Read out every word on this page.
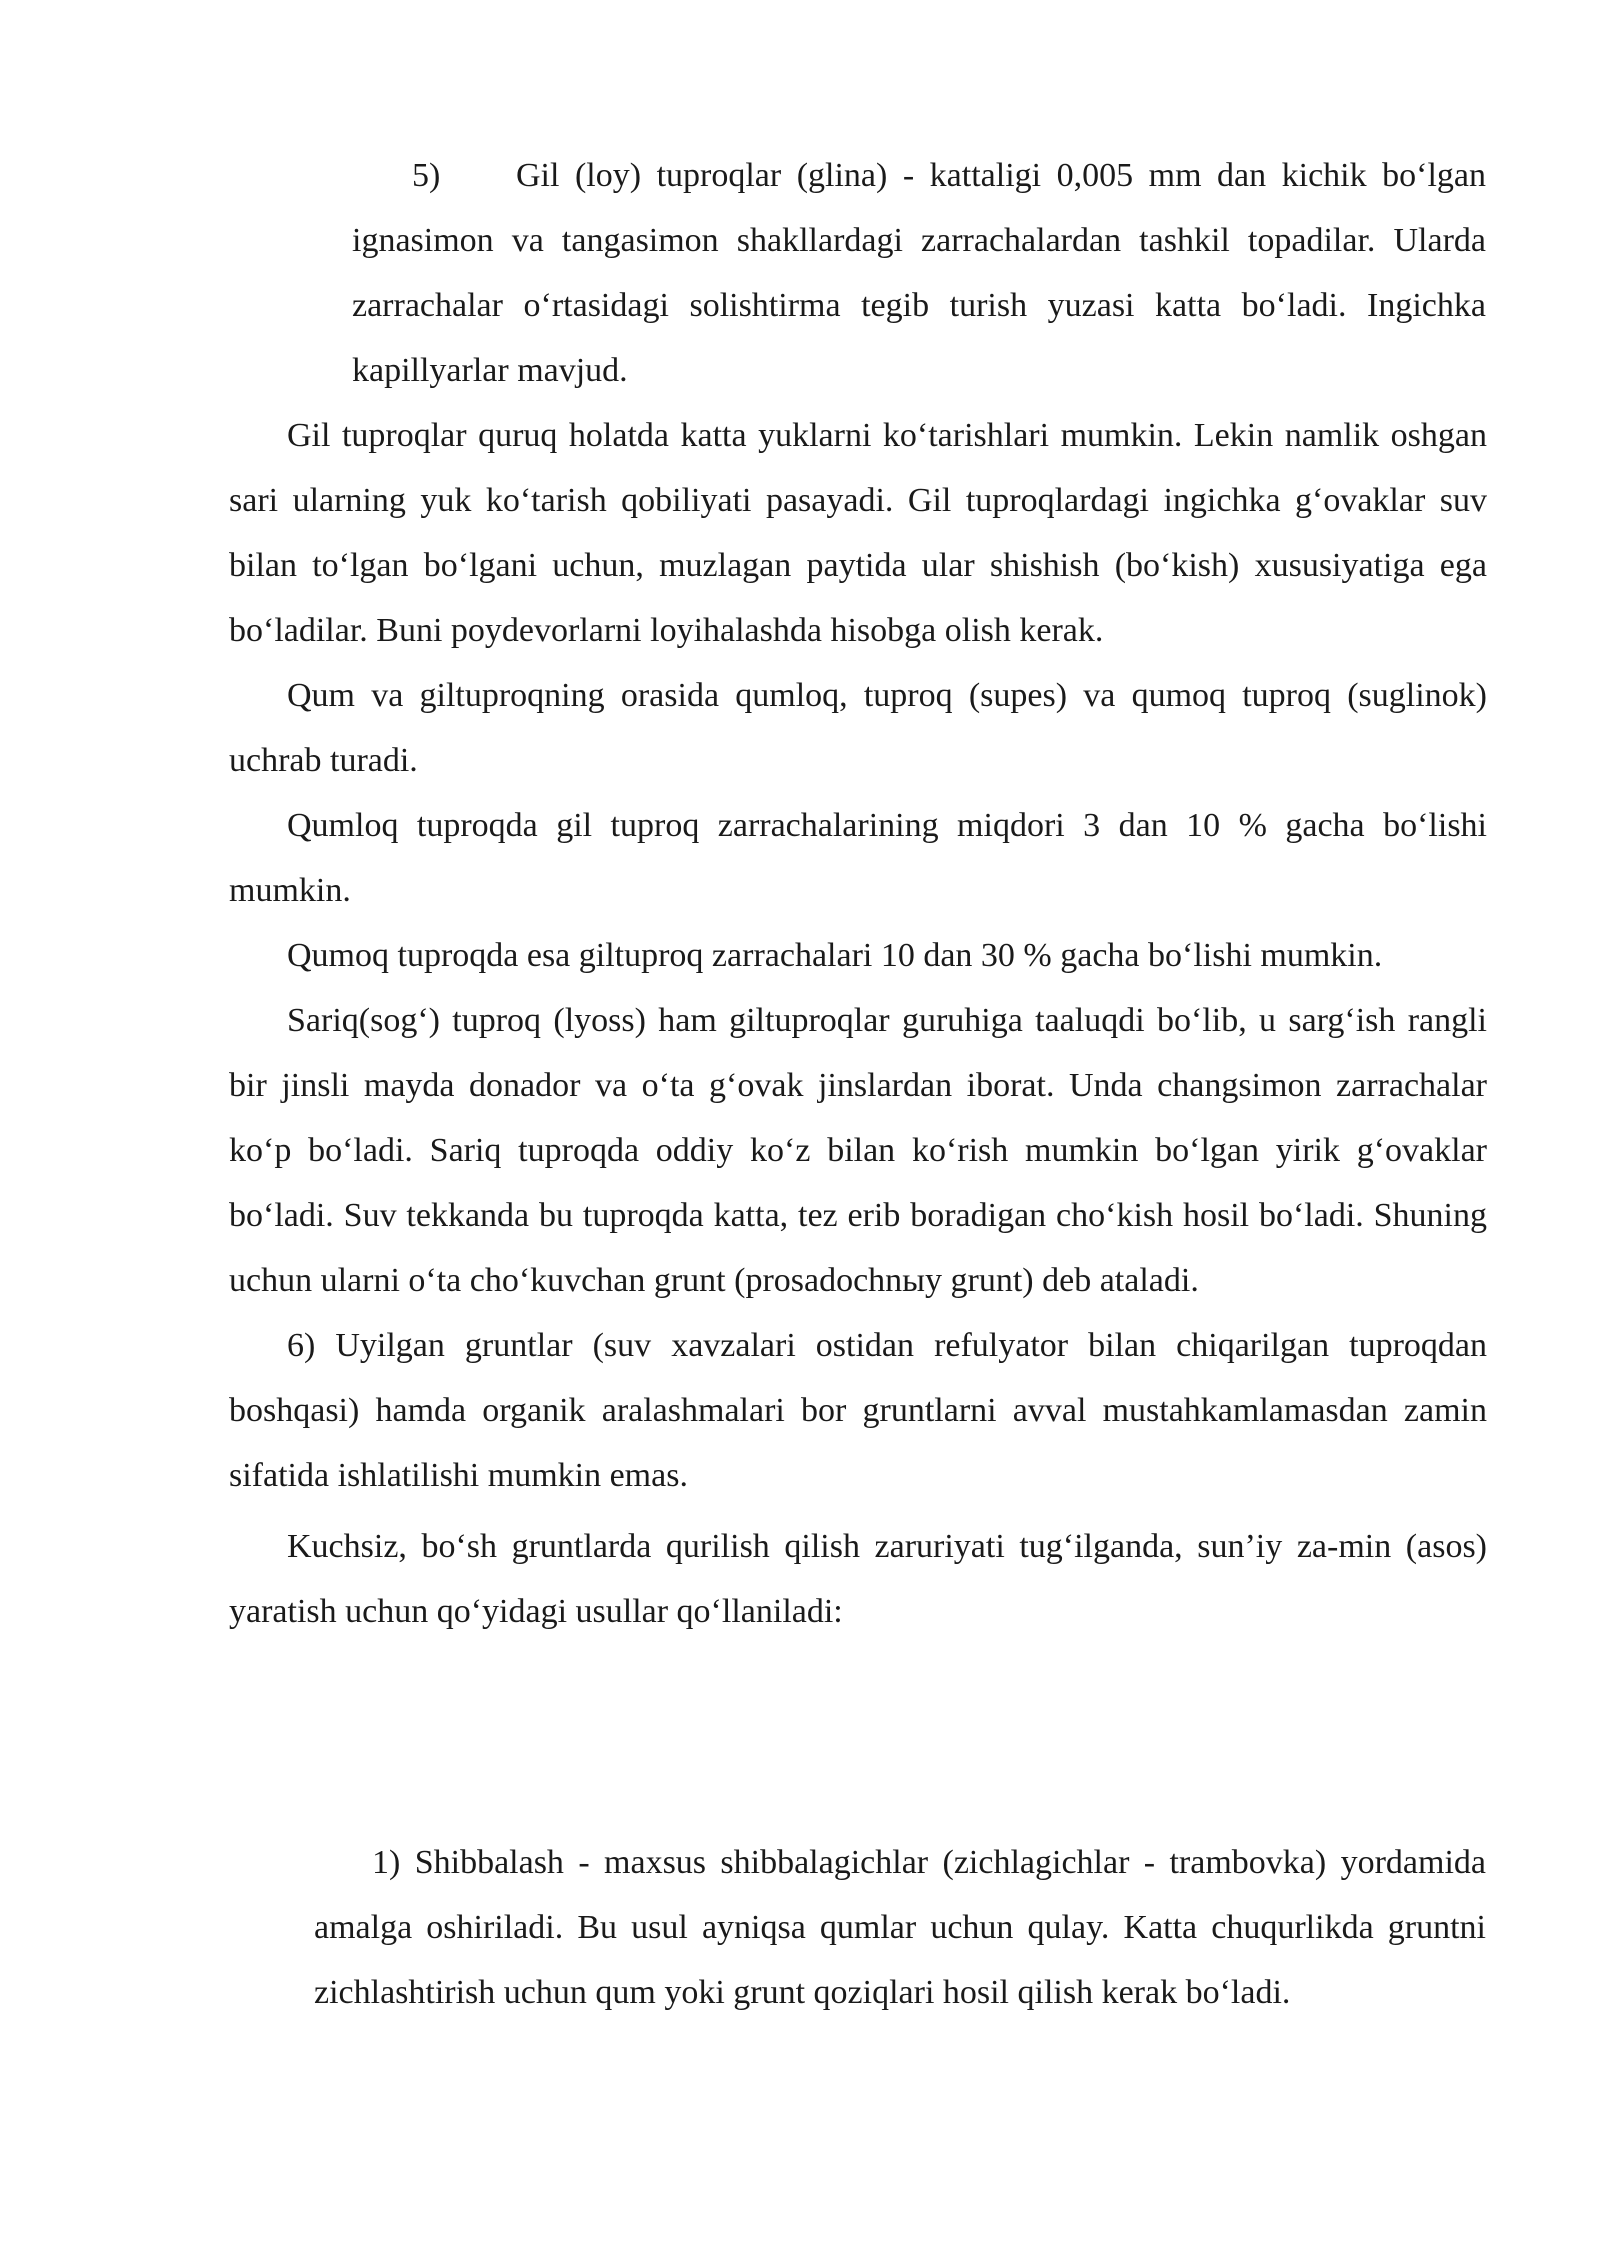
5) Gil (loy) tuproqlar (glina) - kattaligi 0,005 mm dan kichik bo‘lgan ignasimon va tangasimon shakllardagi zarrachalardan tashkil topadilar. Ularda zarrachalar o‘rtasidagi solishtirma tegib turish yuzasi katta bo‘ladi. Ingichka kapillyarlar mavjud.

Gil tuproqlar quruq holatda katta yuklarni ko‘tarishlari mumkin. Lekin namlik oshgan sari ularning yuk ko‘tarish qobiliyati pasayadi. Gil tuproqlardagi ingichka g‘ovaklar suv bilan to‘lgan bo‘lgani uchun, muzlagan paytida ular shishish (bo‘kish) xususiyatiga ega bo‘ladilar. Buni poydevorlarni loyihalashda hisobga olish kerak.

Qum va giltuproqning orasida qumloq, tuproq (supes) va qumoq tuproq (suglinok) uchrab turadi.

Qumloq tuproqda gil tuproq zarrachalarining miqdori 3 dan 10 % gacha bo‘lishi mumkin.

Qumoq tuproqda esa giltuproq zarrachalari 10 dan 30 % gacha bo‘lishi mumkin.

Sariq(sog‘) tuproq (lyoss) ham giltuproqlar guruhiga taaluqdi bo‘lib, u sarg‘ish rangli bir jinsli mayda donador va o‘ta g‘ovak jinslardan iborat. Unda changsimon zarrachalar ko‘p bo‘ladi. Sariq tuproqda oddiy ko‘z bilan ko‘rish mumkin bo‘lgan yirik g‘ovaklar bo‘ladi. Suv tekkanda bu tuproqda katta, tez erib boradigan cho‘kish hosil bo‘ladi. Shuning uchun ularni o‘ta cho‘kuvchan grunt (prosadochnыy grunt) deb ataladi.

6) Uyilgan gruntlar (suv xavzalari ostidan refulyator bilan chiqarilgan tuproqdan boshqasi) hamda organik aralashmalari bor gruntlarni avval mustahkamlamasdan zamin sifatida ishlatilishi mumkin emas.

Kuchsiz, bo‘sh gruntlarda qurilish qilish zaruriyati tug‘ilganda, sun’iy za-min (asos) yaratish uchun qo‘yidagi usullar qo‘llaniladi:

1) Shibbalash - maxsus shibbalagichlar (zichlagichlar - trambovka) yordamida amalga oshiriladi. Bu usul ayniqsa qumlar uchun qulay. Katta chuqurlikda gruntni zichlashtirish uchun qum yoki grunt qoziqlari hosil qilish kerak bo‘ladi.
